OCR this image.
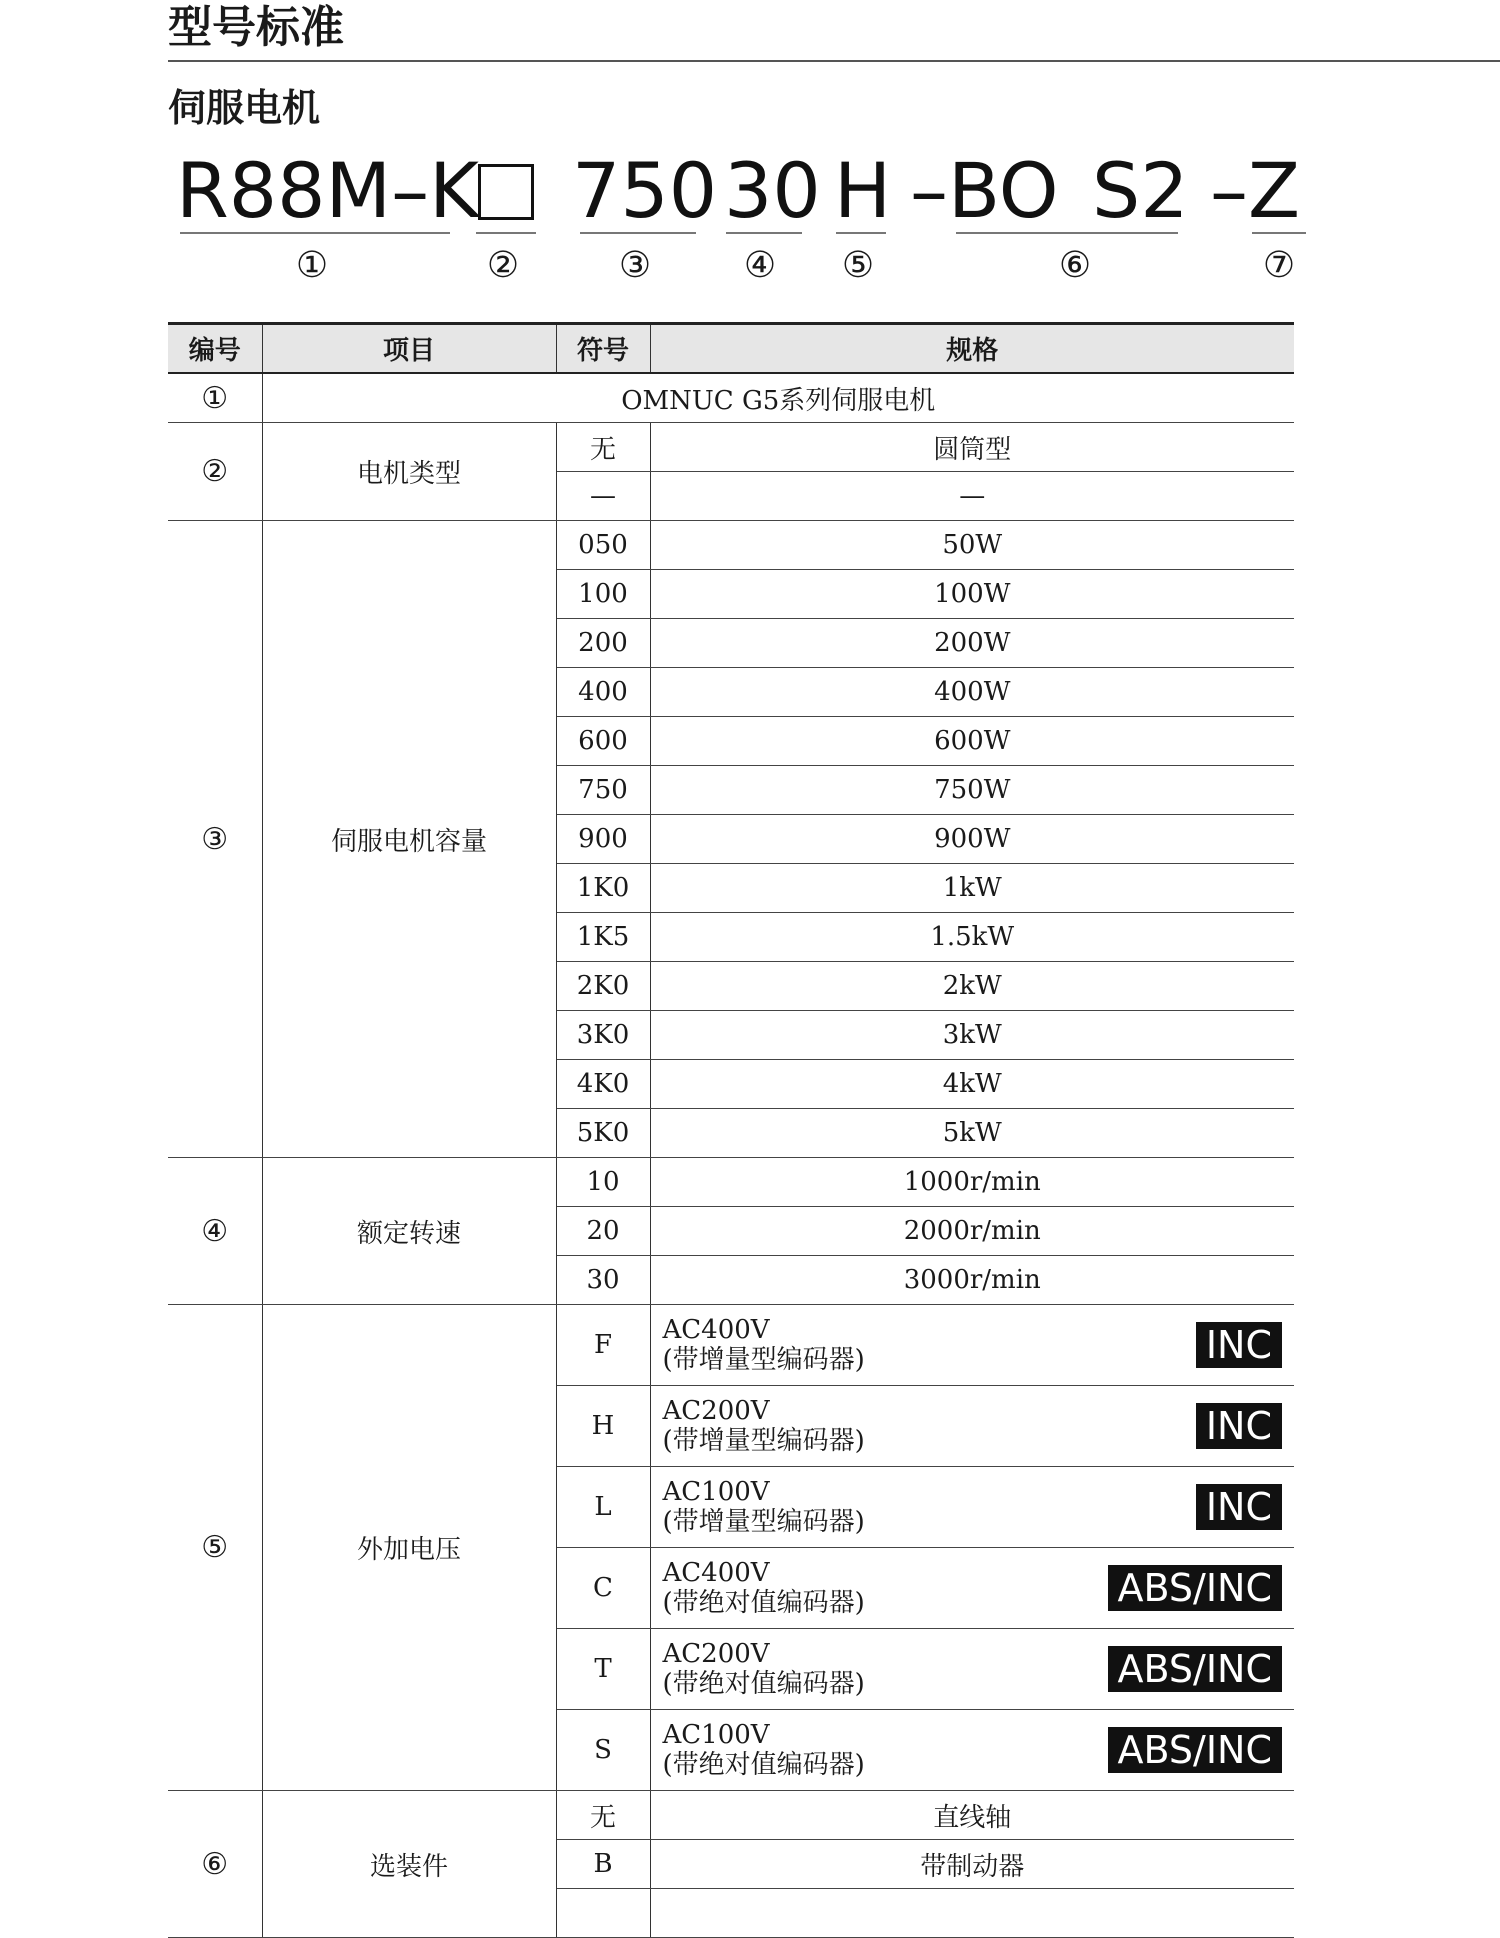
型号标准
伺服电机
R88M–K 750 30 H –BO S2 –Z
①	②	③	④ ⑤	⑥	⑦
编号	项目	符号	规格
①	OMNUC G5系列伺服电机		
②	电机类型	无	圆筒型
		—	—
③	伺服电机容量	050	50W
		100	100W
		200	200W
		400	400W
		600	600W
		750	750W
		900	900W
		1K0	1kW
		1K5	1.5kW
		2K0	2kW
		3K0	3kW
		4K0	4kW
		5K0	5kW
④	额定转速	10	1000r/min
		20	2000r/min
		30	3000r/min
⑤	外加电压	F	AC400V
(带增量型编码器) INC

		H	AC200V
(带增量型编码器) INC

		L	AC100V
(带增量型编码器) INC

		C	AC400V
(带绝对值编码器) ABS/INC

		T	AC200V
(带绝对值编码器) ABS/INC

		S	AC100V
(带绝对值编码器) ABS/INC

⑥	选装件	无	直线轴
		B	带制动器
